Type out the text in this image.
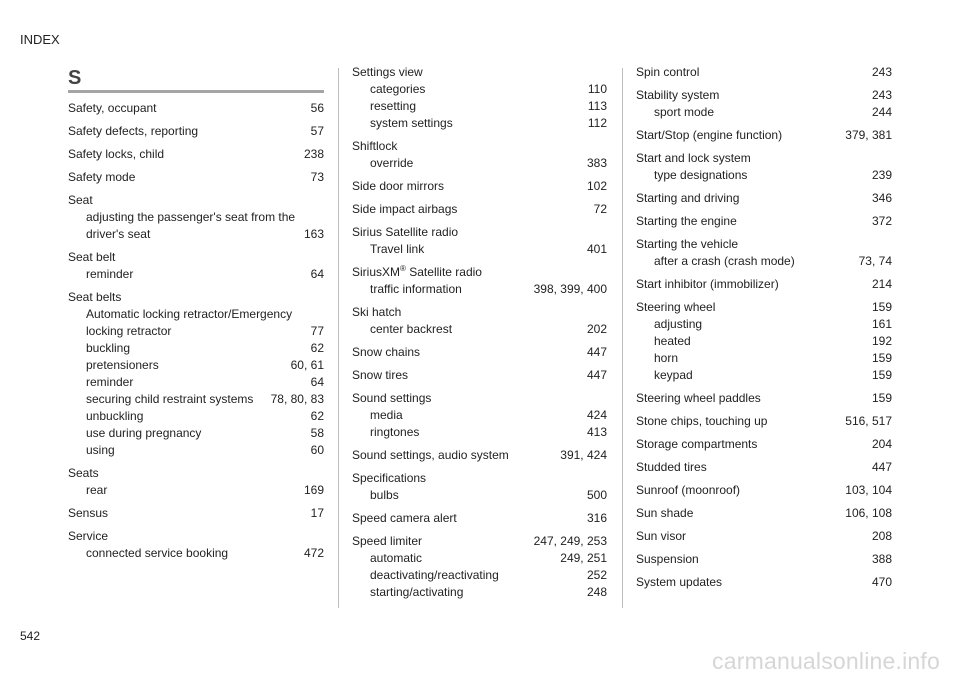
INDEX
S
Safety, occupant	56
Safety defects, reporting	57
Safety locks, child	238
Safety mode	73
Seat
adjusting the passenger's seat from the
driver's seat	163
Seat belt
reminder	64
Seat belts
Automatic locking retractor/Emergency
locking retractor	77
buckling	62
pretensioners	60, 61
reminder	64
securing child restraint systems	78, 80, 83
unbuckling	62
use during pregnancy	58
using	60
Seats
rear	169
Sensus	17
Service
connected service booking	472
Settings view
categories	110
resetting	113
system settings	112
Shiftlock
override	383
Side door mirrors	102
Side impact airbags	72
Sirius Satellite radio
Travel link	401
SiriusXM® Satellite radio
traffic information	398, 399, 400
Ski hatch
center backrest	202
Snow chains	447
Snow tires	447
Sound settings
media	424
ringtones	413
Sound settings, audio system	391, 424
Specifications
bulbs	500
Speed camera alert	316
Speed limiter	247, 249, 253
automatic	249, 251
deactivating/reactivating	252
starting/activating	248
Spin control	243
Stability system	243
sport mode	244
Start/Stop (engine function)	379, 381
Start and lock system
type designations	239
Starting and driving	346
Starting the engine	372
Starting the vehicle
after a crash (crash mode)	73, 74
Start inhibitor (immobilizer)	214
Steering wheel	159
adjusting	161
heated	192
horn	159
keypad	159
Steering wheel paddles	159
Stone chips, touching up	516, 517
Storage compartments	204
Studded tires	447
Sunroof (moonroof)	103, 104
Sun shade	106, 108
Sun visor	208
Suspension	388
System updates	470
542
carmanualsonline.info
